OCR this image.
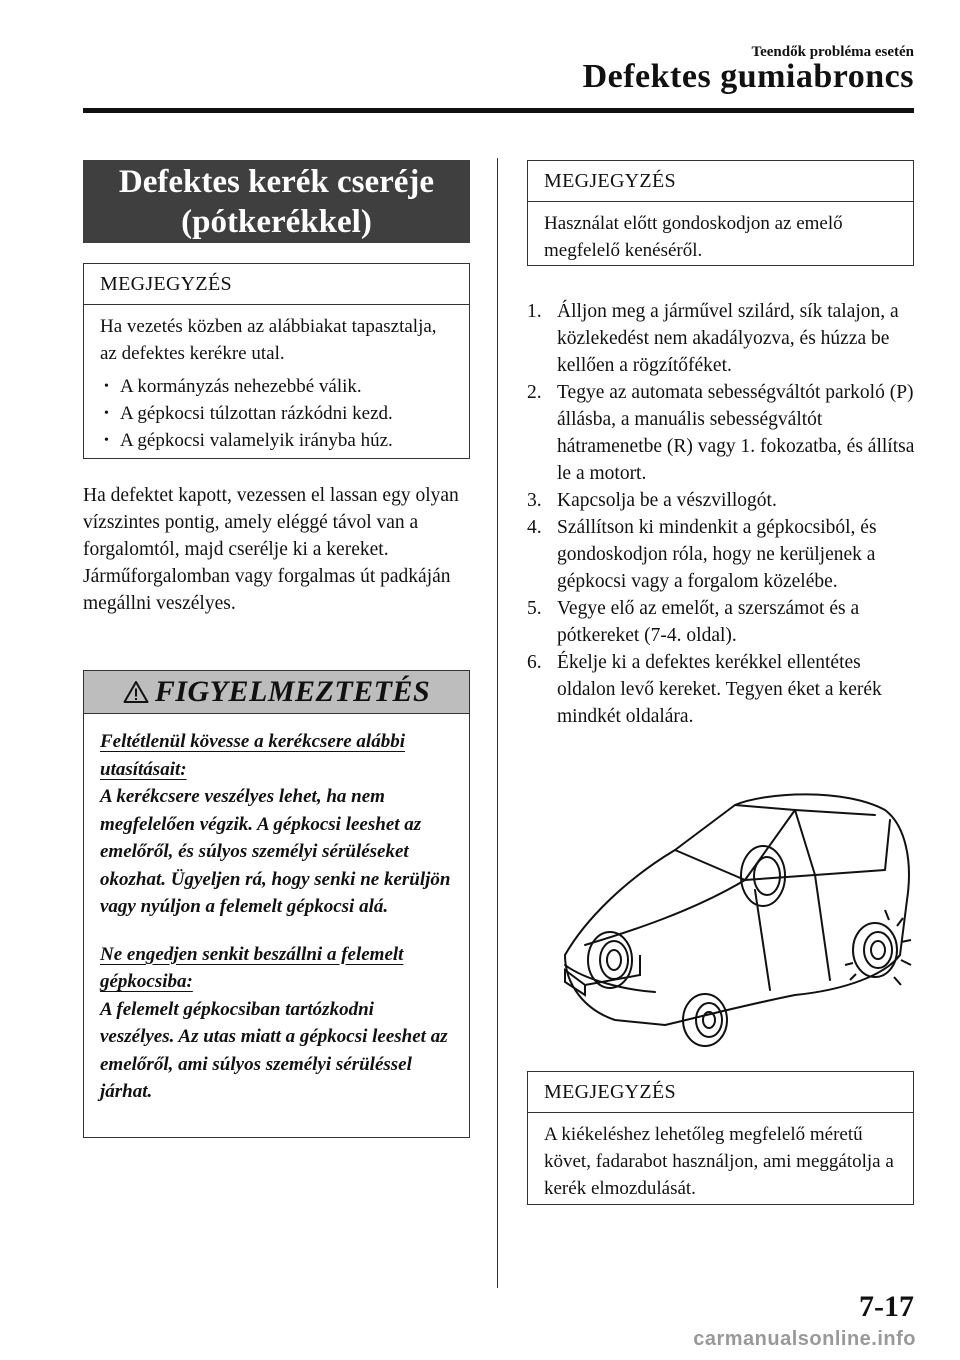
Teendők probléma esetén
Defektes gumiabroncs
Defektes kerék cseréje
(pótkerékkel)
MEGJEGYZÉS
Ha vezetés közben az alábbiakat tapasztalja, az defektes kerékre utal.
• A kormányzás nehezebbé válik.
• A gépkocsi túlzottan rázkódni kezd.
• A gépkocsi valamelyik irányba húz.

Ha defektet kapott, vezessen el lassan egy olyan vízszintes pontig, amely eléggé távol van a forgalomtól, majd cserélje ki a kereket.

Járműforgalomban vagy forgalmas út padkáján megállni veszélyes.

FIGYELMEZTETÉS

Feltétlenül kövesse a kerékcsere alábbi utasításait:

A kerékcsere veszélyes lehet, ha nem megfelelően végzik. A gépkocsi leeshet az emelőről, és súlyos személyi sérüléseket okozhat. Ügyeljen rá, hogy senki ne kerüljön vagy nyúljon a felemelt gépkocsi alá.

Ne engedjen senkit beszállni a felemelt gépkocsiba:

A felemelt gépkocsiban tartózkodni veszélyes. Az utas miatt a gépkocsi leeshet az emelőről, ami súlyos személyi sérüléssel járhat.

MEGJEGYZÉS
Használat előtt gondoskodjon az emelő megfelelő kenéséről.
1. Álljon meg a járművel szilárd, sík talajon, a közlekedést nem akadályozva, és húzza be kellően a rögzítőféket.
2. Tegye az automata sebességváltót parkoló (P) állásba, a manuális sebességváltót hátramenetbe (R) vagy 1. fokozatba, és állítsa le a motort.
3. Kapcsolja be a vészvillogót.
4. Szállítson ki mindenkit a gépkocsiból, és gondoskodjon róla, hogy ne kerüljenek a gépkocsi vagy a forgalom közelébe.
5. Vegye elő az emelőt, a szerszámot és a pótkereket (7-4. oldal).
6. Ékelje ki a defektes kerékkel ellentétes oldalon levő kereket. Tegyen éket a kerék mindkét oldalára.
MEGJEGYZÉS
A kiékeléshez lehetőleg megfelelő méretű követ, fadarabot használjon, ami meggátolja a kerék elmozdulását.
7-17
carmanualsonline.info
